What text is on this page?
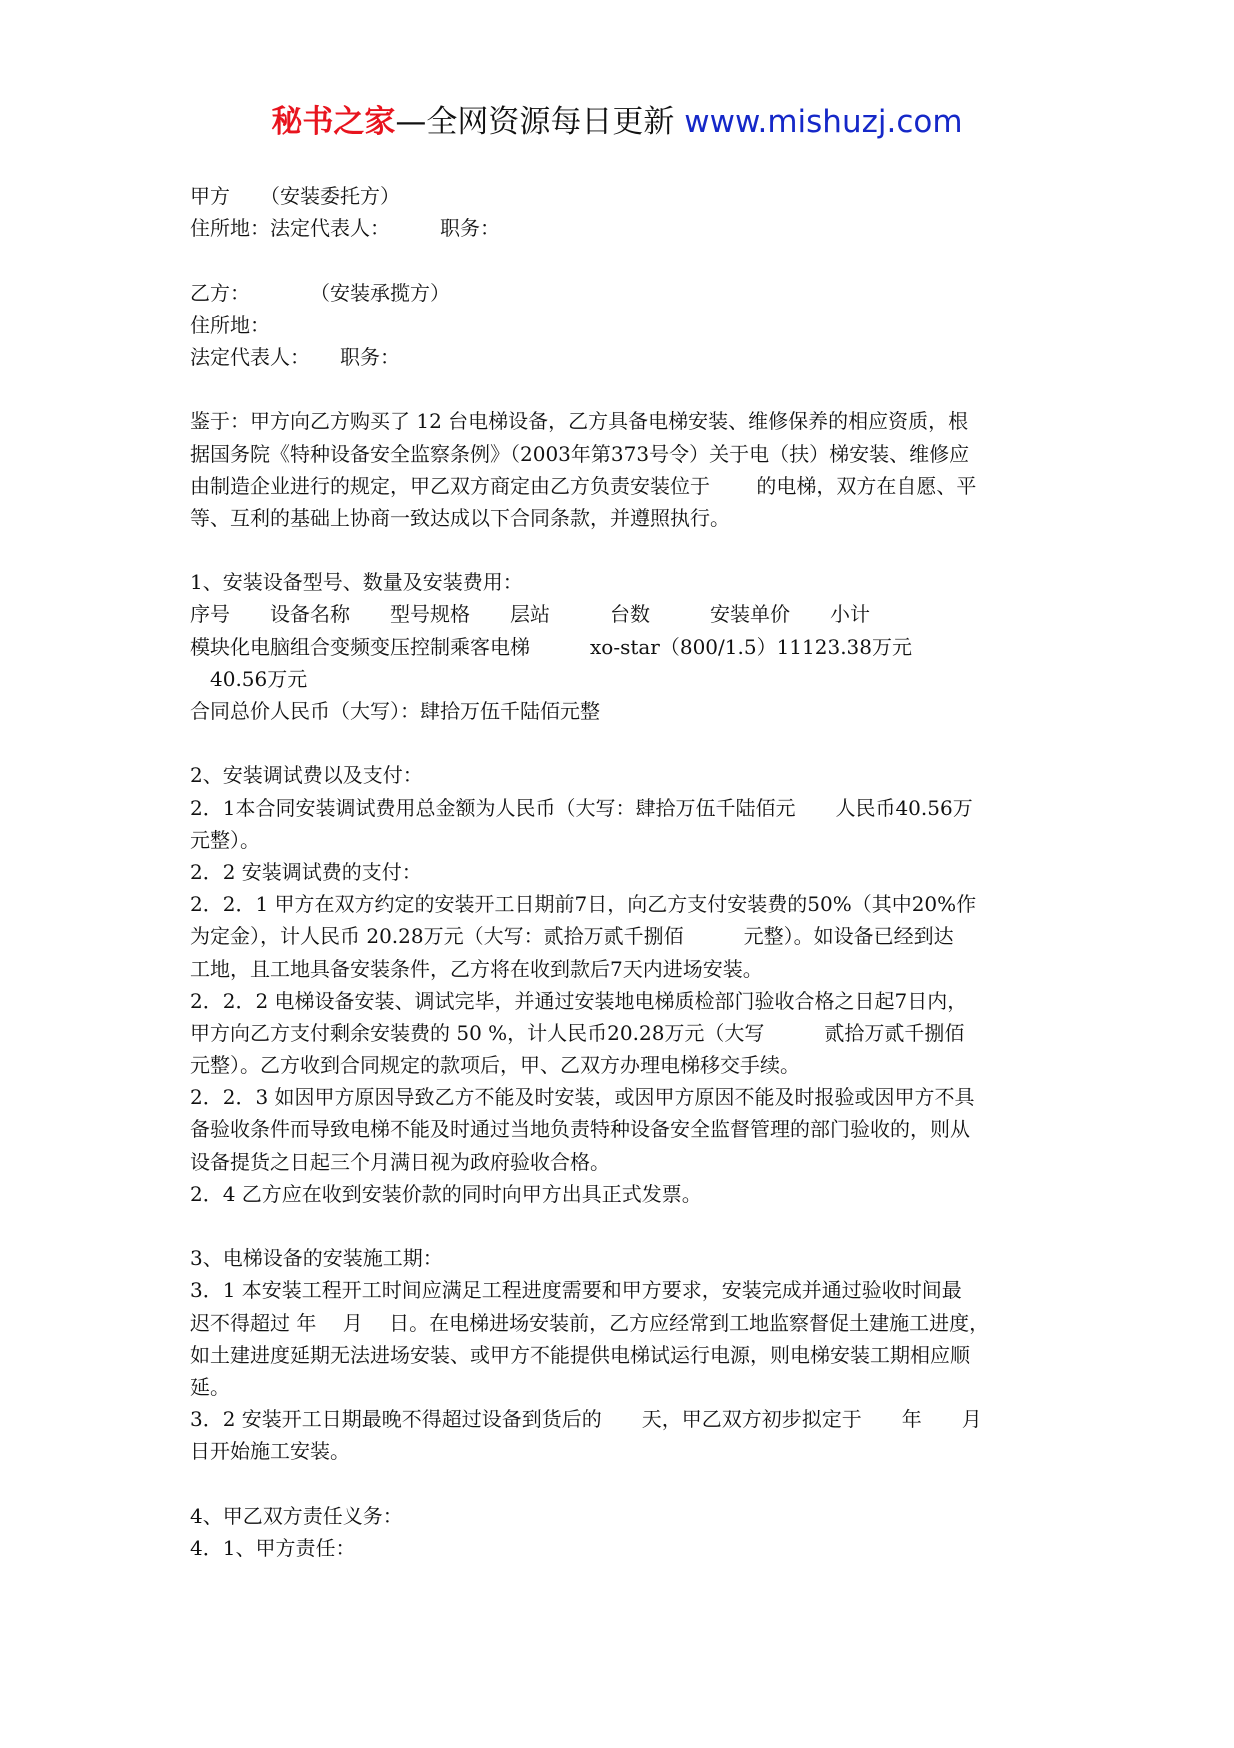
秘书之家—全网资源每日更新 www.mishuzj.com
甲方　　（安装委托方）
住所地：法定代表人：　　　职务：
乙方：　　　　（安装承揽方）
住所地：
法定代表人：　　职务：
鉴于：甲方向乙方购买了 12 台电梯设备，乙方具备电梯安装、维修保养的相应资质，根
据国务院《特种设备安全监察条例》（2003年第373号令）关于电（扶）梯安装、维修应
由制造企业进行的规定，甲乙双方商定由乙方负责安装位于　　 的电梯，双方在自愿、平
等、互利的基础上协商一致达成以下合同条款，并遵照执行。
1、安装设备型号、数量及安装费用：
序号　　设备名称　　型号规格　　层站　　　台数　　　安装单价　　小计
模块化电脑组合变频变压控制乘客电梯　　　xo-star（800/1.5）11123.38万元
　40.56万元
合同总价人民币（大写）：肆拾万伍千陆佰元整
2、安装调试费以及支付：
2．1本合同安装调试费用总金额为人民币（大写：肆拾万伍千陆佰元　　人民币40.56万
元整）。
2．2 安装调试费的支付：
2．2．1 甲方在双方约定的安装开工日期前7日，向乙方支付安装费的50%（其中20%作
为定金），计人民币 20.28万元（大写：贰拾万贰千捌佰　　　元整）。如设备已经到达
工地，且工地具备安装条件，乙方将在收到款后7天内进场安装。
2．2．2 电梯设备安装、调试完毕，并通过安装地电梯质检部门验收合格之日起7日内，
甲方向乙方支付剩余安装费的 50 %，计人民币20.28万元（大写　　　贰拾万贰千捌佰
元整）。乙方收到合同规定的款项后，甲、乙双方办理电梯移交手续。
2．2．3 如因甲方原因导致乙方不能及时安装，或因甲方原因不能及时报验或因甲方不具
备验收条件而导致电梯不能及时通过当地负责特种设备安全监督管理的部门验收的，则从
设备提货之日起三个月满日视为政府验收合格。
2．4 乙方应在收到安装价款的同时向甲方出具正式发票。
3、电梯设备的安装施工期：
3．1 本安装工程开工时间应满足工程进度需要和甲方要求，安装完成并通过验收时间最
迟不得超过 年　 月　 日。在电梯进场安装前，乙方应经常到工地监察督促土建施工进度，
如土建进度延期无法进场安装、或甲方不能提供电梯试运行电源，则电梯安装工期相应顺
延。
3．2 安装开工日期最晚不得超过设备到货后的　　天，甲乙双方初步拟定于　　年　　月
日开始施工安装。
4、甲乙双方责任义务：
4．1、甲方责任：
